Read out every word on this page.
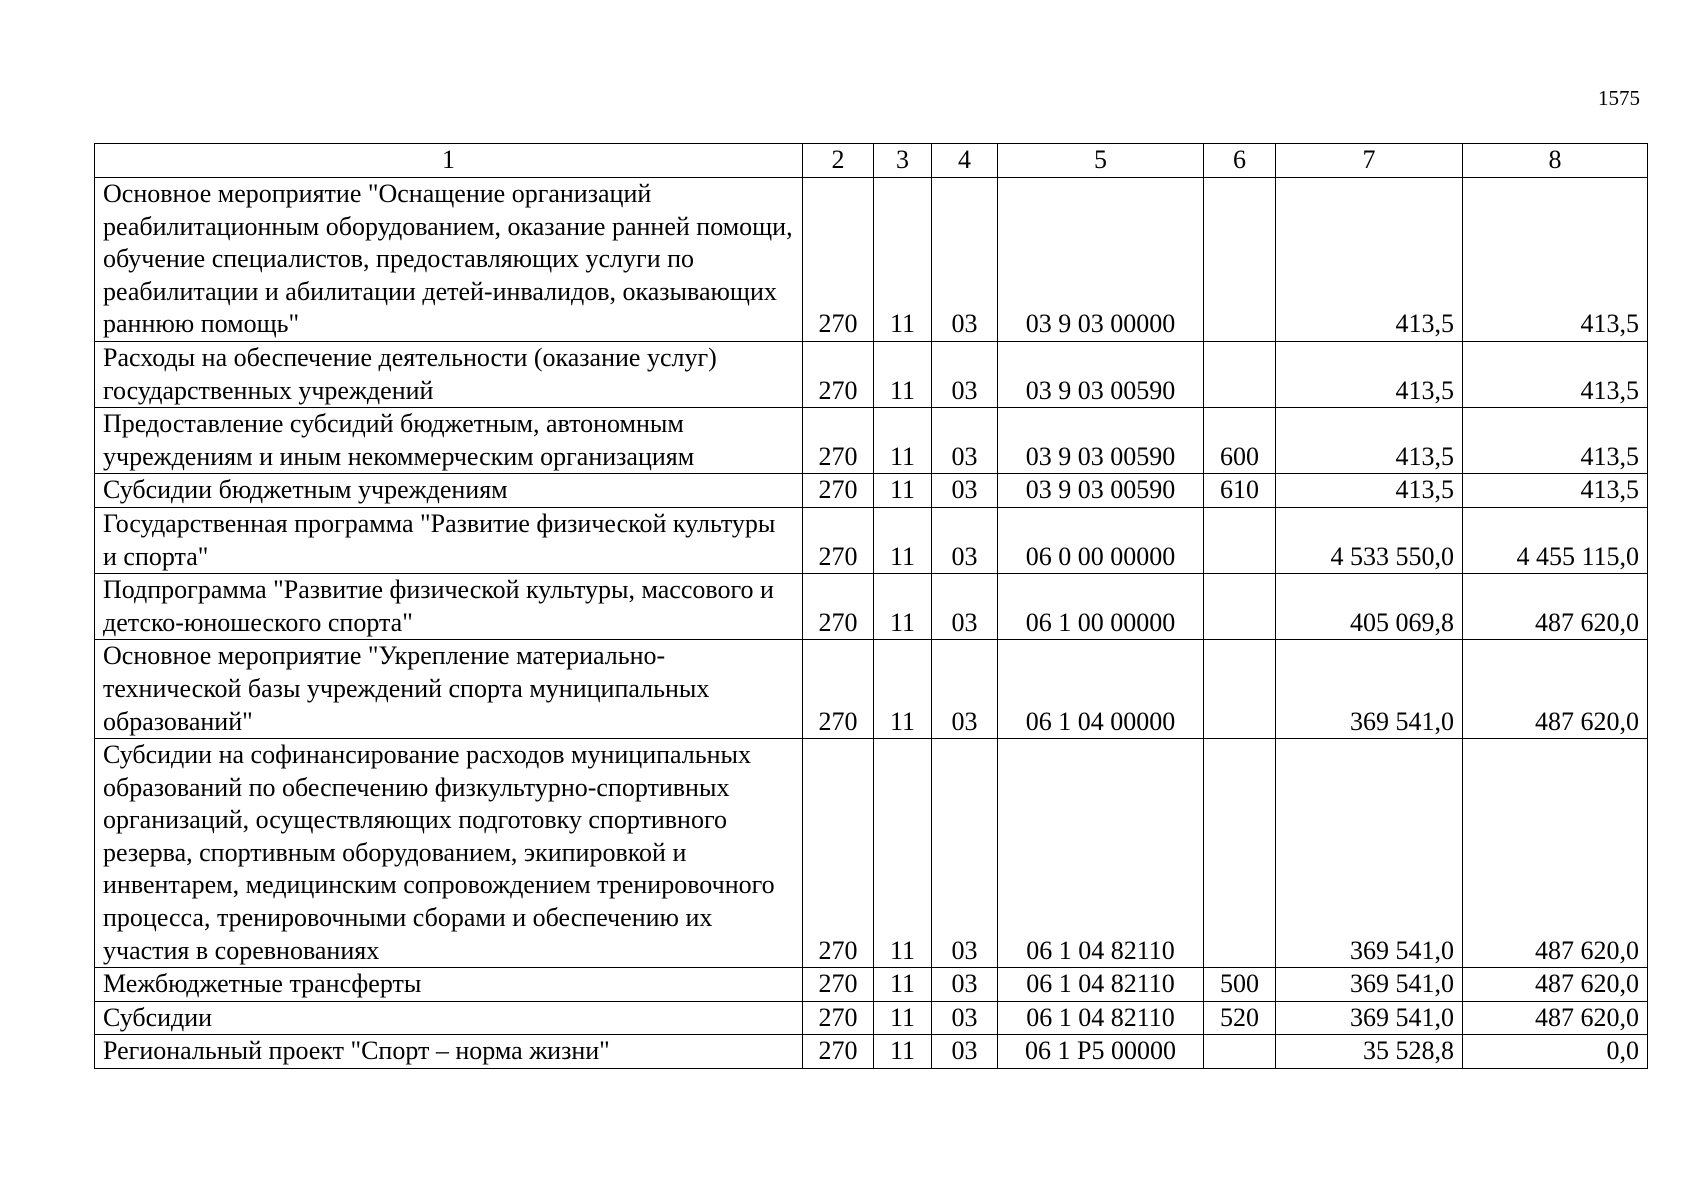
1575
1	2	3	4	5	6	7	8
Основное мероприятие "Оснащение организаций реабилитационным оборудованием, оказание ранней помощи, обучение специалистов, предоставляющих услуги по реабилитации и абилитации детей-инвалидов, оказывающих раннюю помощь"	270	11	03	03 9 03 00000		413,5	413,5
Расходы на обеспечение деятельности (оказание услуг) государственных учреждений	270	11	03	03 9 03 00590		413,5	413,5
Предоставление субсидий бюджетным, автономным учреждениям и иным некоммерческим организациям	270	11	03	03 9 03 00590	600	413,5	413,5
Субсидии бюджетным учреждениям	270	11	03	03 9 03 00590	610	413,5	413,5
Государственная программа "Развитие физической культуры и спорта"	270	11	03	06 0 00 00000		4 533 550,0	4 455 115,0
Подпрограмма "Развитие физической культуры, массового и детско-юношеского спорта"	270	11	03	06 1 00 00000		405 069,8	487 620,0
Основное мероприятие "Укрепление материально-технической базы учреждений спорта муниципальных образований"	270	11	03	06 1 04 00000		369 541,0	487 620,0
Субсидии на софинансирование расходов муниципальных образований по обеспечению физкультурно-спортивных организаций, осуществляющих подготовку спортивного резерва, спортивным оборудованием, экипировкой и инвентарем, медицинским сопровождением тренировочного процесса, тренировочными сборами и обеспечению их участия в соревнованиях	270	11	03	06 1 04 82110		369 541,0	487 620,0
Межбюджетные трансферты	270	11	03	06 1 04 82110	500	369 541,0	487 620,0
Субсидии	270	11	03	06 1 04 82110	520	369 541,0	487 620,0
Региональный проект "Спорт – норма жизни"	270	11	03	06 1 P5 00000		35 528,8	0,0
